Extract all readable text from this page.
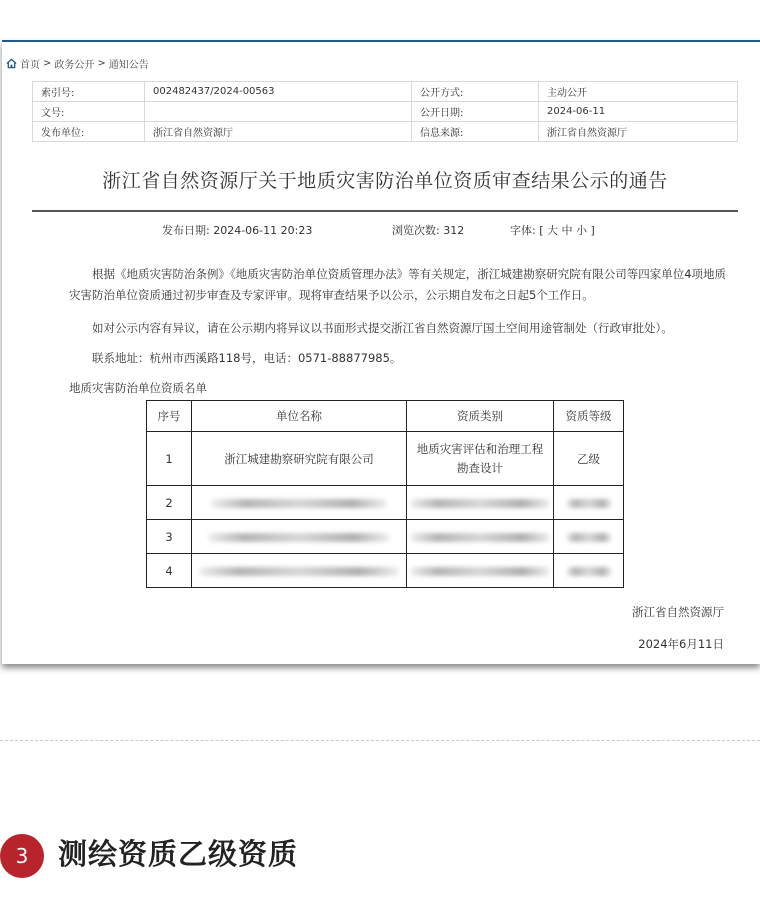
首页 > 政务公开 > 通知公告
索引号:	002482437/2024-00563	公开方式:	主动公开
文号:		公开日期:	2024-06-11
发布单位:	浙江省自然资源厅	信息来源:	浙江省自然资源厅
浙江省自然资源厅关于地质灾害防治单位资质审查结果公示的通告
发布日期: 2024-06-11 20:23	浏览次数: 312	字体: [ 大 中 小 ]
根据《地质灾害防治条例》《地质灾害防治单位资质管理办法》等有关规定，浙江城建勘察研究院有限公司等四家单位4项地质灾害防治单位资质通过初步审查及专家评审。现将审查结果予以公示，公示期自发布之日起5个工作日。
如对公示内容有异议，请在公示期内将异议以书面形式提交浙江省自然资源厅国土空间用途管制处（行政审批处）。
联系地址：杭州市西溪路118号，电话：0571-88877985。
地质灾害防治单位资质名单
序号	单位名称	资质类别	资质等级
1	浙江城建勘察研究院有限公司	地质灾害评估和治理工程勘查设计	乙级
2			
3			
4			
浙江省自然资源厅
2024年6月11日
3	测绘资质乙级资质
